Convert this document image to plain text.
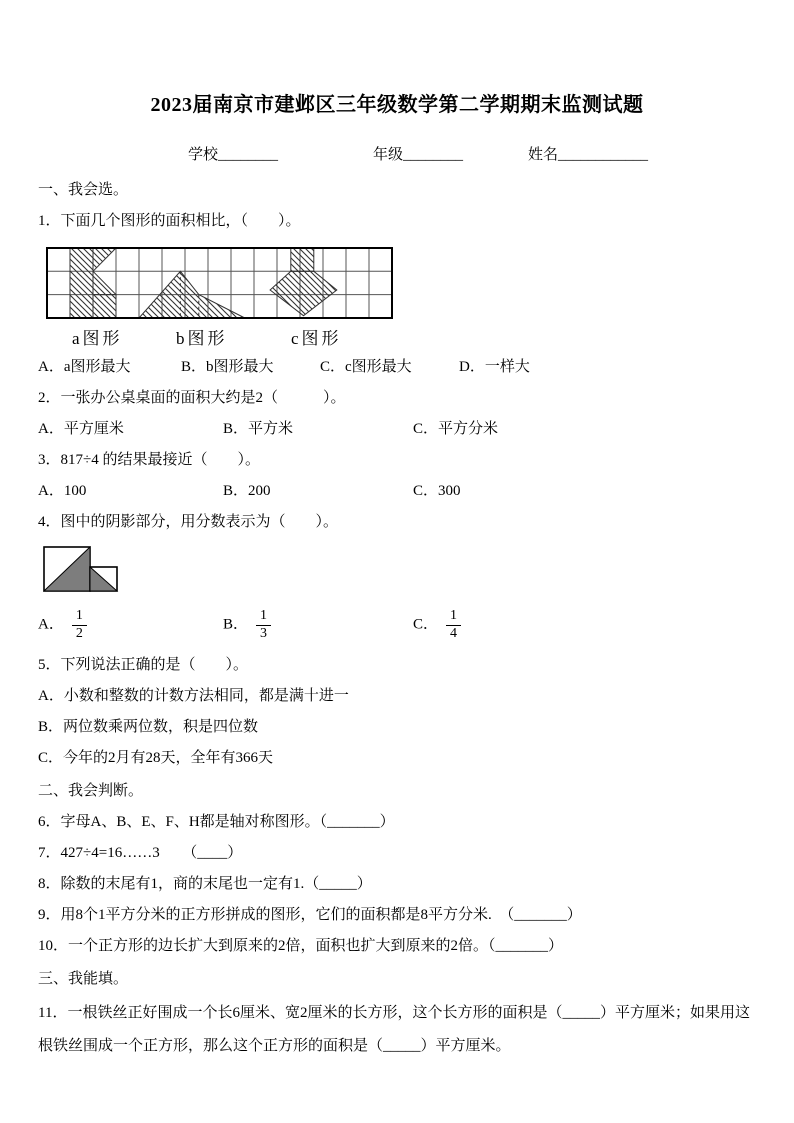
2023届南京市建邺区三年级数学第二学期期末监测试题
学校________	年级________	姓名____________

一、我会选。

1．下面几个图形的面积相比，（　　）。

a图形	b图形	c图形
A．a图形最大	B．b图形最大	C．c图形最大	D．一样大

2．一张办公桌桌面的面积大约是2（　　　）。

A．平方厘米	B．平方米	C．平方分米

3．817÷4 的结果最接近（　　）。

A．100	B．200	C．300

4．图中的阴影部分，用分数表示为（　　）。

A． $\frac{1}{2}$	B． $\frac{1}{3}$	C． $\frac{1}{4}$

5．下列说法正确的是（　　）。

A．小数和整数的计数方法相同，都是满十进一

B．两位数乘两位数，积是四位数

C．今年的2月有28天，全年有366天

二、我会判断。

6．字母A、B、E、F、H都是轴对称图形。（_______）

7．427÷4=16……3　　（____）

8．除数的末尾有1，商的末尾也一定有1.（_____）

9．用8个1平方分米的正方形拼成的图形，它们的面积都是8平方分米.　（_______）

10．一个正方形的边长扩大到原来的2倍，面积也扩大到原来的2倍。（_______）

三、我能填。

11．一根铁丝正好围成一个长6厘米、宽2厘米的长方形，这个长方形的面积是（_____）平方厘米；如果用这根铁丝围成一个正方形，那么这个正方形的面积是（_____）平方厘米。
